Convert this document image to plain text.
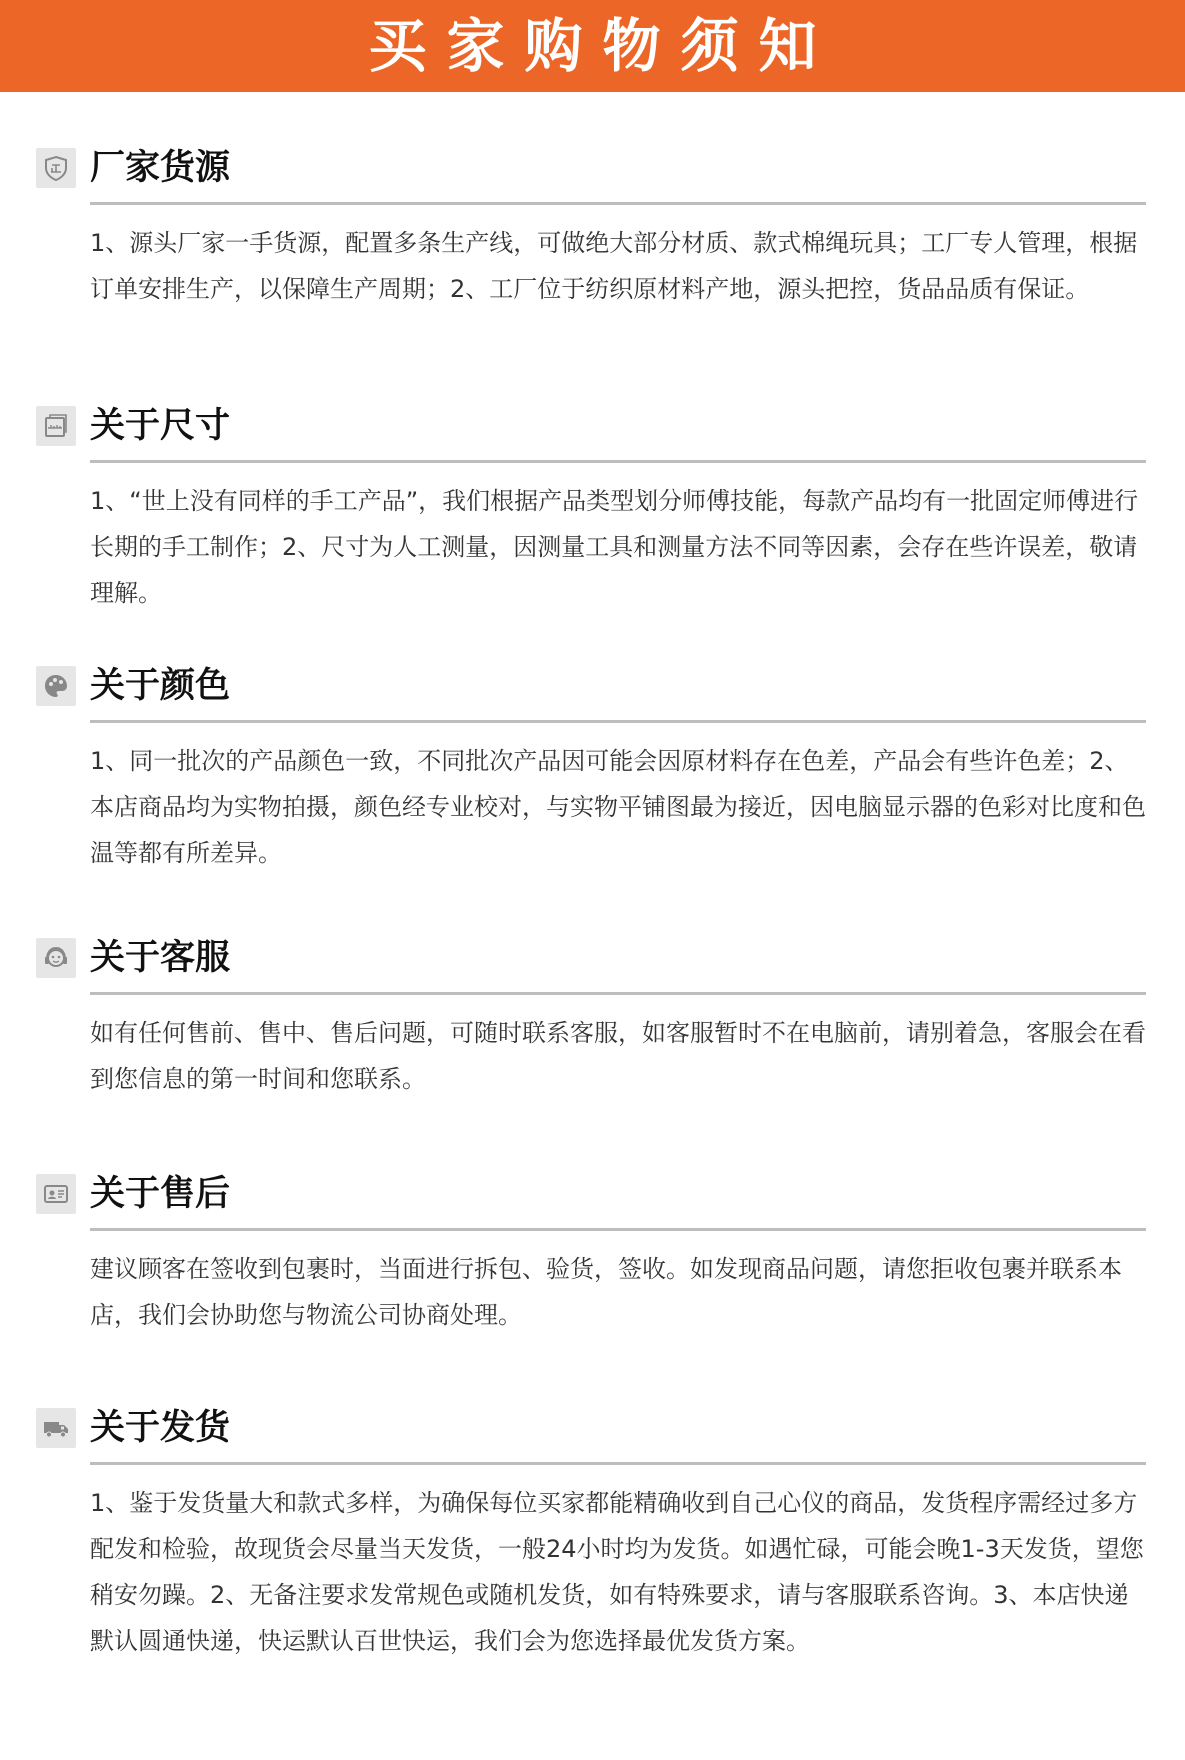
买家购物须知
厂家货源
1、源头厂家一手货源，配置多条生产线，可做绝大部分材质、款式棉绳玩具；工厂专人管理，根据订单安排生产，以保障生产周期；2、工厂位于纺织原材料产地，源头把控，货品品质有保证。
关于尺寸
1、“世上没有同样的手工产品”，我们根据产品类型划分师傅技能，每款产品均有一批固定师傅进行长期的手工制作；2、尺寸为人工测量，因测量工具和测量方法不同等因素，会存在些许误差，敬请理解。
关于颜色
1、同一批次的产品颜色一致，不同批次产品因可能会因原材料存在色差，产品会有些许色差；2、本店商品均为实物拍摄，颜色经专业校对，与实物平铺图最为接近，因电脑显示器的色彩对比度和色温等都有所差异。
关于客服
如有任何售前、售中、售后问题，可随时联系客服，如客服暂时不在电脑前，请别着急，客服会在看到您信息的第一时间和您联系。
关于售后
建议顾客在签收到包裹时，当面进行拆包、验货，签收。如发现商品问题，请您拒收包裹并联系本店，我们会协助您与物流公司协商处理。
关于发货
1、鉴于发货量大和款式多样，为确保每位买家都能精确收到自己心仪的商品，发货程序需经过多方配发和检验，故现货会尽量当天发货，一般24小时均为发货。如遇忙碌，可能会晚1-3天发货，望您稍安勿躁。2、无备注要求发常规色或随机发货，如有特殊要求，请与客服联系咨询。3、本店快递默认圆通快递，快运默认百世快运，我们会为您选择最优发货方案。
